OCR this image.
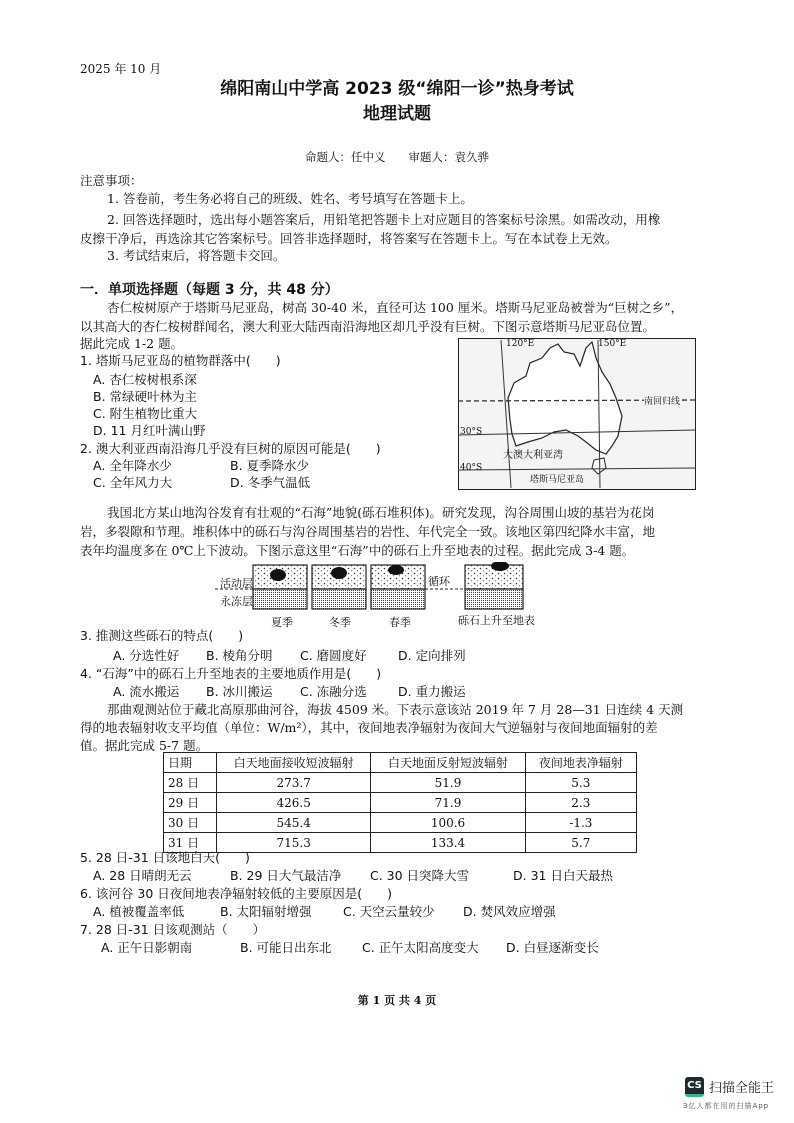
2025 年 10 月
绵阳南山中学高 2023 级“绵阳一诊”热身考试
地理试题
命题人：任中义　　审题人：袁久骅
注意事项：
1. 答卷前，考生务必将自己的班级、姓名、考号填写在答题卡上。
2. 回答选择题时，选出每小题答案后，用铅笔把答题卡上对应题目的答案标号涂黑。如需改动，用橡
皮擦干净后，再选涂其它答案标号。回答非选择题时，将答案写在答题卡上。写在本试卷上无效。
3. 考试结束后，将答题卡交回。
一．单项选择题（每题 3 分，共 48 分）
杏仁桉树原产于塔斯马尼亚岛，树高 30-40 米，直径可达 100 厘米。塔斯马尼亚岛被誉为“巨树之乡”，
以其高大的杏仁桉树群闻名，澳大利亚大陆西南沿海地区却几乎没有巨树。下图示意塔斯马尼亚岛位置。
据此完成 1-2 题。	120°E	150°E
30°S
40°S
南回归线
大澳大利亚湾
塔斯马尼亚岛
1. 塔斯马尼亚岛的植物群落中(　　)
A. 杏仁桉树根系深
B. 常绿硬叶林为主
C. 附生植物比重大
D. 11 月红叶满山野
2. 澳大利亚西南沿海几乎没有巨树的原因可能是(　　)
A. 全年降水少	B. 夏季降水少
C. 全年风力大	D. 冬季气温低
我国北方某山地沟谷发育有壮观的“石海”地貌(砾石堆积体)。研究发现，沟谷周围山坡的基岩为花岗
岩，多裂隙和节理。堆积体中的砾石与沟谷周围基岩的岩性、年代完全一致。该地区第四纪降水丰富，地
表年均温度多在 0℃上下波动。下图示意这里“石海”中的砾石上升至地表的过程。据此完成 3-4 题。
活动层
永冻层
循环
夏季	冬季	春季	砾石上升至地表
3. 推测这些砾石的特点(　　)
A. 分选性好 B. 棱角分明 C. 磨圆度好	D. 定向排列
4. “石海”中的砾石上升至地表的主要地质作用是(　　)
A. 流水搬运 B. 冰川搬运 C. 冻融分选	D. 重力搬运
那曲观测站位于藏北高原那曲河谷，海拔 4509 米。下表示意该站 2019 年 7 月 28—31 日连续 4 天测
得的地表辐射收支平均值（单位：W/m²），其中，夜间地表净辐射为夜间大气逆辐射与夜间地面辐射的差
值。据此完成 5-7 题。
日期	白天地面接收短波辐射	白天地面反射短波辐射	夜间地表净辐射
28 日	273.7	51.9	5.3
29 日	426.5	71.9	2.3
30 日	545.4	100.6	-1.3
31 日	715.3	133.4	5.7
5. 28 日-31 日该地白天(　　)
A. 28 日晴朗无云	B. 29 日大气最洁净 C. 30 日突降大雪	D. 31 日白天最热
6. 该河谷 30 日夜间地表净辐射较低的主要原因是(　　)
A. 植被覆盖率低	B. 太阳辐射增强	C. 天空云量较少 D. 焚风效应增强
7. 28 日-31 日该观测站（　　）
A. 正午日影朝南	B. 可能日出东北 C. 正午太阳高度变大 D. 白昼逐渐变长
第 1 页 共 4 页
CS 扫描全能王
3亿人都在用的扫描App
